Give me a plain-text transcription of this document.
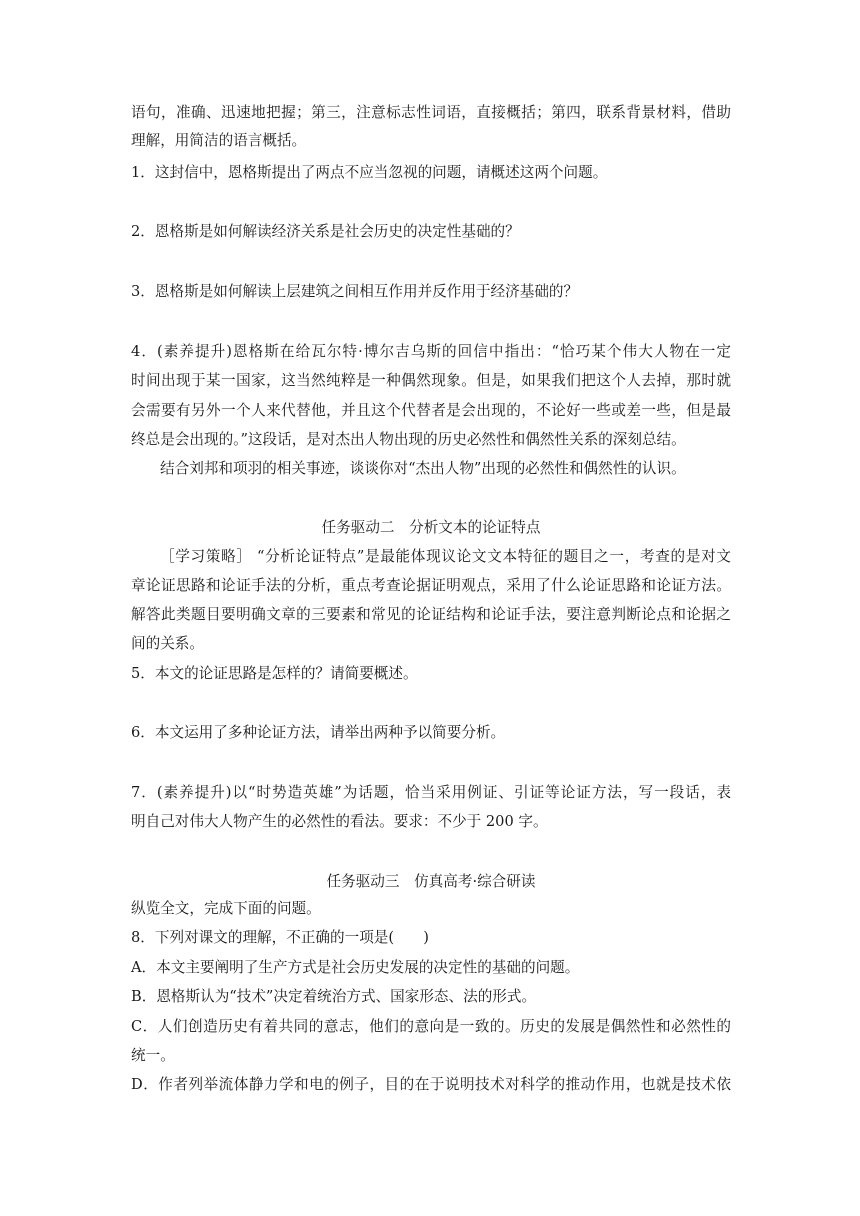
语句，准确、迅速地把握；第三，注意标志性词语，直接概括；第四，联系背景材料，借助
理解，用简洁的语言概括。
1．这封信中，恩格斯提出了两点不应当忽视的问题，请概述这两个问题。
2．恩格斯是如何解读经济关系是社会历史的决定性基础的？
3．恩格斯是如何解读上层建筑之间相互作用并反作用于经济基础的？
4．(素养提升)恩格斯在给瓦尔特·博尔吉乌斯的回信中指出：“恰巧某个伟大人物在一定
时间出现于某一国家，这当然纯粹是一种偶然现象。但是，如果我们把这个人去掉，那时就
会需要有另外一个人来代替他，并且这个代替者是会出现的，不论好一些或差一些，但是最
终总是会出现的。”这段话，是对杰出人物出现的历史必然性和偶然性关系的深刻总结。
结合刘邦和项羽的相关事迹，谈谈你对“杰出人物”出现的必然性和偶然性的认识。
任务驱动二　分析文本的论证特点
［学习策略］ “分析论证特点”是最能体现议论文文本特征的题目之一，考查的是对文
章论证思路和论证手法的分析，重点考查论据证明观点，采用了什么论证思路和论证方法。
解答此类题目要明确文章的三要素和常见的论证结构和论证手法，要注意判断论点和论据之
间的关系。
5．本文的论证思路是怎样的？请简要概述。
6．本文运用了多种论证方法，请举出两种予以简要分析。
7．(素养提升)以“时势造英雄”为话题，恰当采用例证、引证等论证方法，写一段话，表
明自己对伟大人物产生的必然性的看法。要求：不少于 200 字。
任务驱动三　仿真高考·综合研读
纵览全文，完成下面的问题。
8．下列对课文的理解，不正确的一项是(　　)
A．本文主要阐明了生产方式是社会历史发展的决定性的基础的问题。
B．恩格斯认为“技术”决定着统治方式、国家形态、法的形式。
C．人们创造历史有着共同的意志，他们的意向是一致的。历史的发展是偶然性和必然性的
统一。
D．作者列举流体静力学和电的例子，目的在于说明技术对科学的推动作用，也就是技术依
